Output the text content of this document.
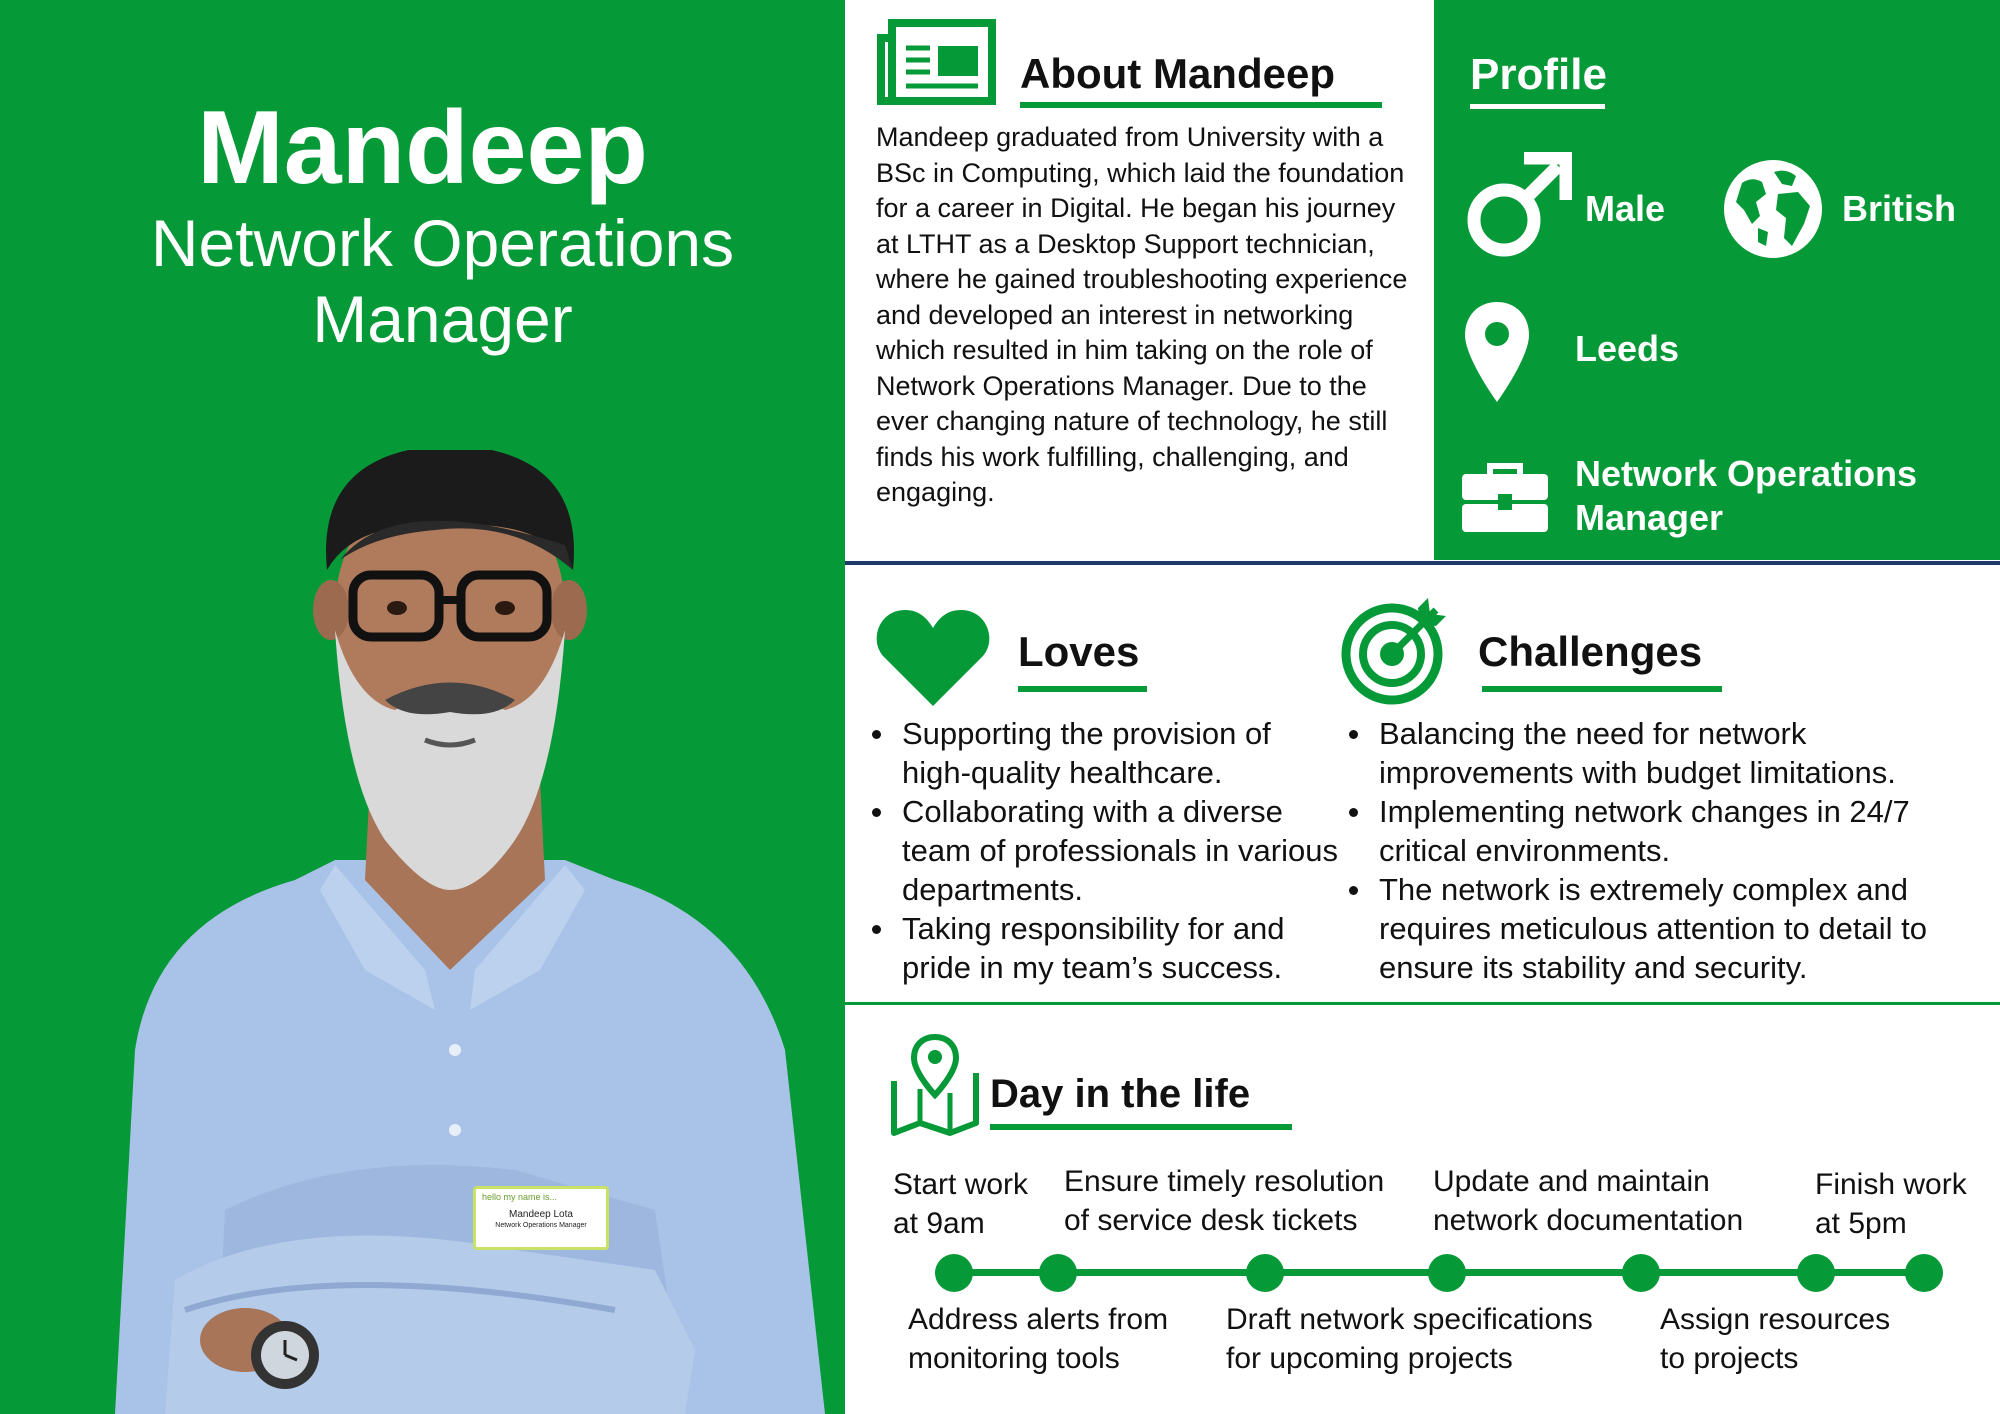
Mandeep
Network Operations
Manager
hello my name is...
Mandeep Lota
Network Operations Manager
About Mandeep
Mandeep graduated from University with a BSc in Computing, which laid the foundation for a career in Digital. He began his journey at LTHT as a Desktop Support technician, where he gained troubleshooting experience and developed an interest in networking which resulted in him taking on the role of Network Operations Manager. Due to the ever changing nature of technology, he still finds his work fulfilling, challenging, and engaging.
Profile
Male	British
Leeds
Network Operations Manager
Loves
Supporting the provision of high-quality healthcare.
Collaborating with a diverse team of professionals in various departments.
Taking responsibility for and pride in my team’s success.
Challenges
Balancing the need for network improvements with budget limitations.
Implementing network changes in 24/7 critical environments.
The network is extremely complex and requires meticulous attention to detail to ensure its stability and security.
Day in the life
Start work
at 9am
Ensure timely resolution
of service desk tickets
Update and maintain
network documentation
Finish work
at 5pm
Address alerts from
monitoring tools
Draft network specifications
for upcoming projects
Assign resources
to projects
